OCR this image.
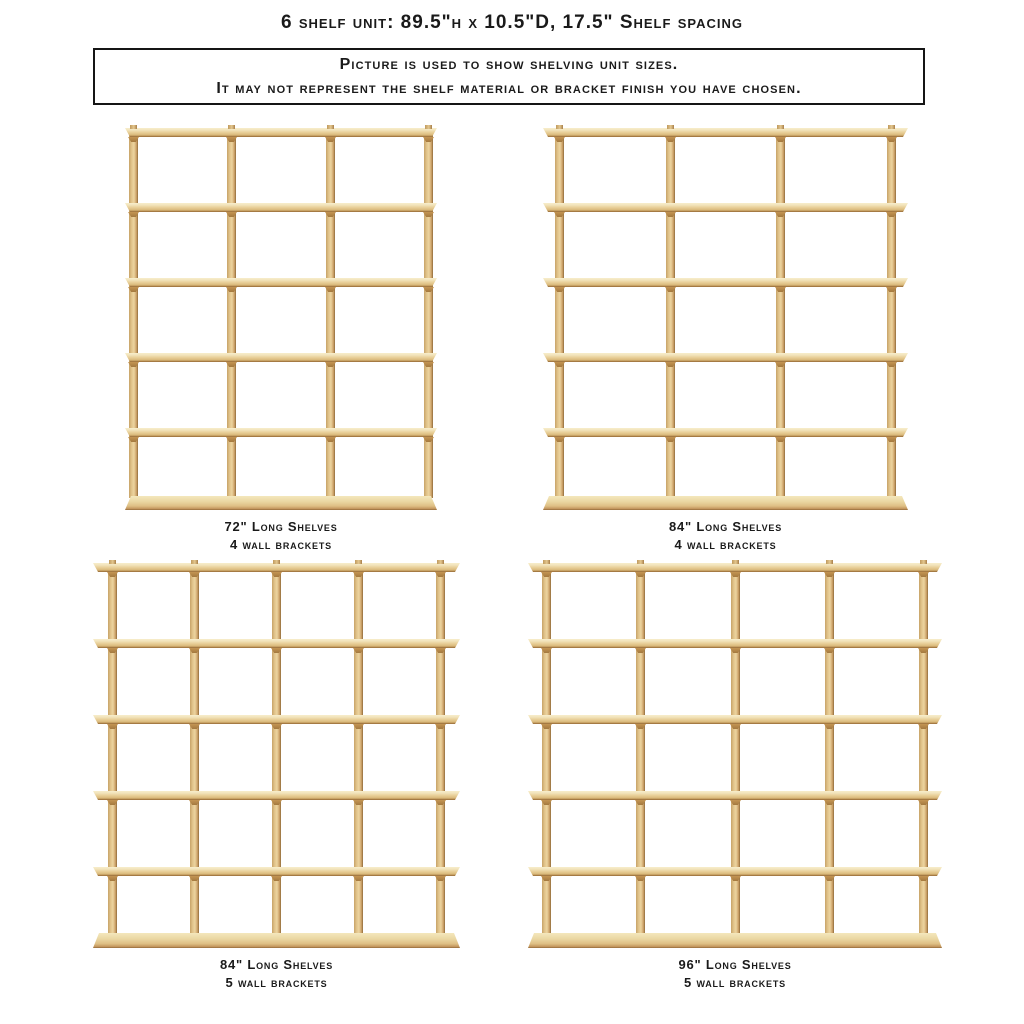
6 shelf unit: 89.5"h x 10.5"D, 17.5" Shelf spacing
Picture is used to show shelving unit sizes.
It may not represent the shelf material or bracket finish you have chosen.
72" Long Shelves
4 wall brackets
84" Long Shelves
4 wall brackets
84" Long Shelves
5 wall brackets
96" Long Shelves
5 wall brackets
